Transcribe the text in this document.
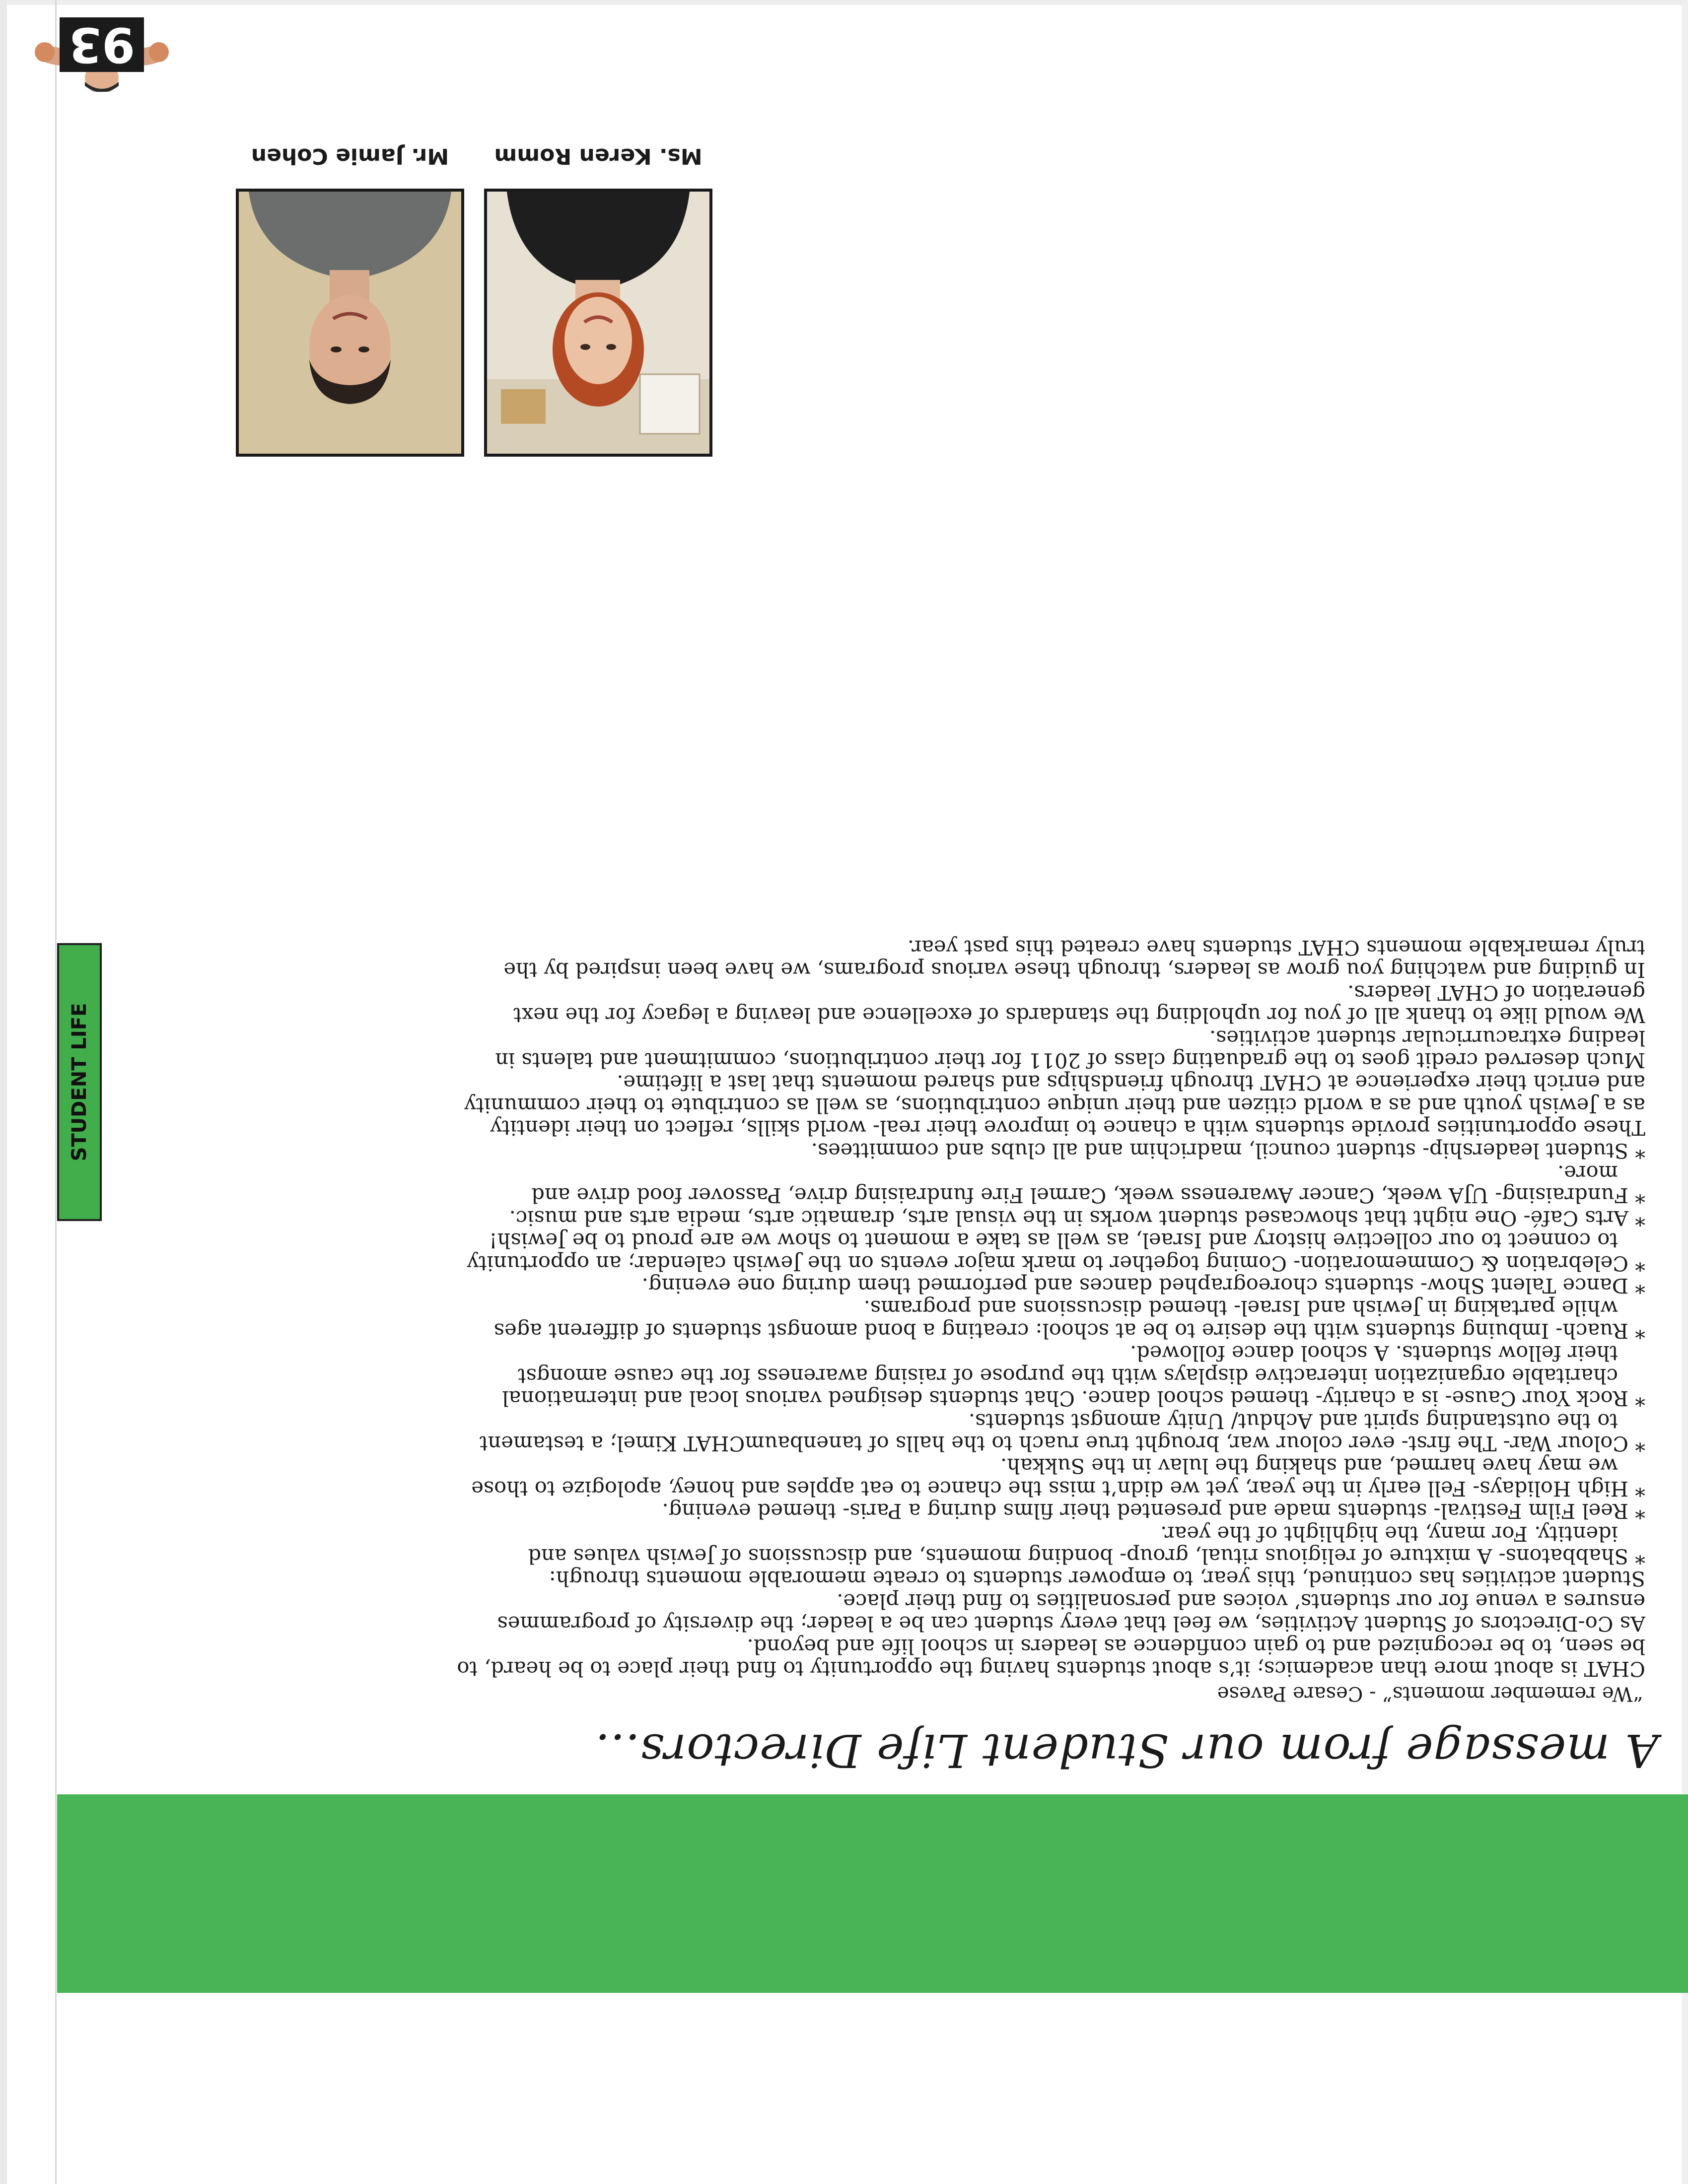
A message from our Student Life Directors...
“We remember moments” - Cesare Pavese

CHAT is about more than academics; it’s about students having the opportunity to find their place to be heard, to

be seen, to be recognized and to gain confidence as leaders in school life and beyond.

As Co-Directors of Student Activities, we feel that every student can be a leader; the diversity of programmes

ensures a venue for our students’ voices and personalities to find their place.

Student activities has continued, this year, to empower students to create memorable moments through:

* Shabbatons- A mixture of religious ritual, group- bonding moments, and discussions of Jewish values and

identity. For many, the highlight of the year.

* Reel Film Festival- students made and presented their films during a Paris- themed evening.

* High Holidays- Fell early in the year, yet we didn’t miss the chance to eat apples and honey, apologize to those

we may have harmed, and shaking the lulav in the Sukkah.

* Colour War- The first- ever colour war, brought true ruach to the halls of tanenbaumCHAT Kimel; a testament

to the outstanding spirit and Achdut/ Unity amongst students.

* Rock Your Cause- is a charity- themed school dance. Chat students designed various local and international

charitable organization interactive displays with the purpose of raising awareness for the cause amongst

their fellow students. A school dance followed.

* Ruach- Imbuing students with the desire to be at school: creating a bond amongst students of different ages

while partaking in Jewish and Israel- themed discussions and programs.

* Dance Talent Show- students choreographed dances and performed them during one evening.

* Celebration & Commemoration- Coming together to mark major events on the Jewish calendar; an opportunity

to connect to our collective history and Israel, as well as take a moment to show we are proud to be Jewish!

* Arts Café- One night that showcased student works in the visual arts, dramatic arts, media arts and music.

* Fundraising- UJA week, Cancer Awareness week, Carmel Fire fundraising drive, Passover food drive and

more.

* Student leadership- student council, madrichim and all clubs and committees.

These opportunities provide students with a chance to improve their real- world skills, reflect on their identity

as a Jewish youth and as a world citizen and their unique contributions, as well as contribute to their community

and enrich their experience at CHAT through friendships and shared moments that last a lifetime.

Much deserved credit goes to the graduating class of 2011 for their contributions, commitment and talents in

leading extracurricular student activities.

We would like to thank all of you for upholding the standards of excellence and leaving a legacy for the next

generation of CHAT leaders.

In guiding and watching you grow as leaders, through these various programs, we have been inspired by the

truly remarkable moments CHAT students have created this past year.

STUDENT LIFE
Ms. Keren Romm
Mr. Jamie Cohen
93
